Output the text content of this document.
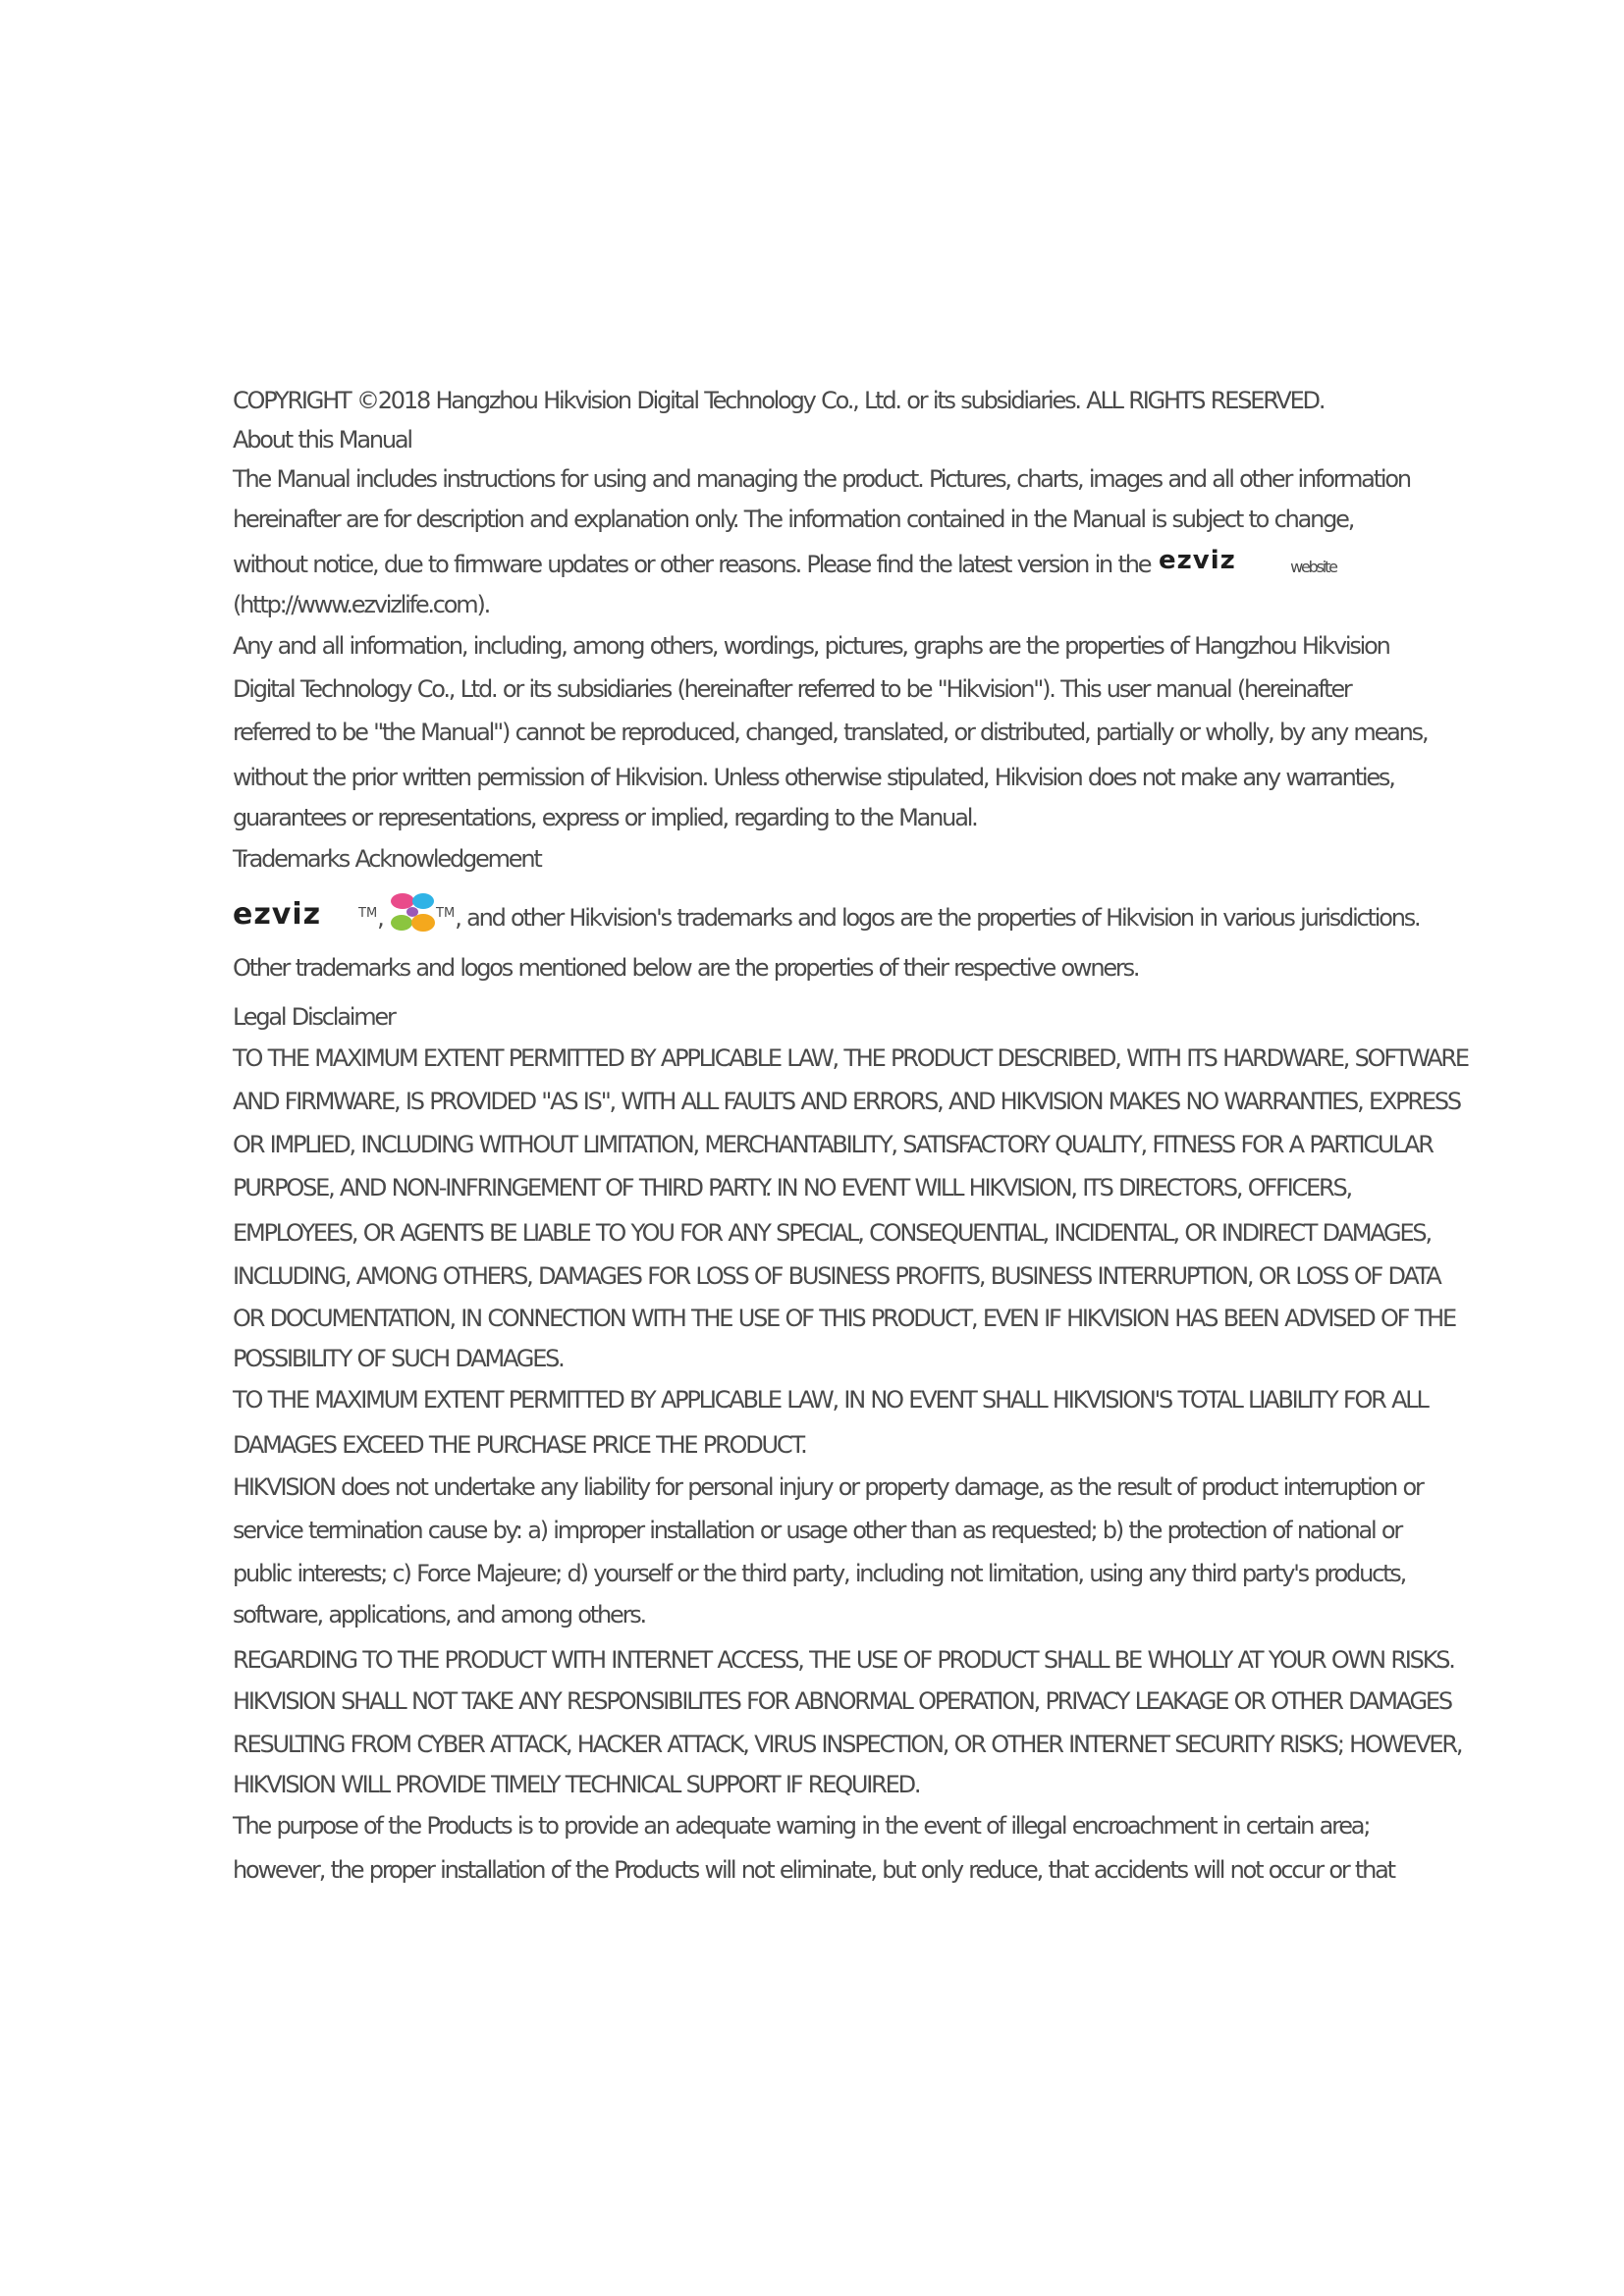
COPYRIGHT ©2018 Hangzhou Hikvision Digital Technology Co., Ltd. or its subsidiaries. ALL RIGHTS RESERVED.
About this Manual
The Manual includes instructions for using and managing the product. Pictures, charts, images and all other information
hereinafter are for description and explanation only. The information contained in the Manual is subject to change,
without notice, due to firmware updates or other reasons. Please find the latest version in the ezviz	website
(http://www.ezvizlife.com).
Any and all information, including, among others, wordings, pictures, graphs are the properties of Hangzhou Hikvision
Digital Technology Co., Ltd. or its subsidiaries (hereinafter referred to be "Hikvision"). This user manual (hereinafter
referred to be "the Manual") cannot be reproduced, changed, translated, or distributed, partially or wholly, by any means,
without the prior written permission of Hikvision. Unless otherwise stipulated, Hikvision does not make any warranties,
guarantees or representations, express or implied, regarding to the Manual.
Trademarks Acknowledgement
ezviz	™,	™, and other Hikvision's trademarks and logos are the properties of Hikvision in various jurisdictions.
Other trademarks and logos mentioned below are the properties of their respective owners.
Legal Disclaimer
TO THE MAXIMUM EXTENT PERMITTED BY APPLICABLE LAW, THE PRODUCT DESCRIBED, WITH ITS HARDWARE, SOFTWARE
AND FIRMWARE, IS PROVIDED "AS IS", WITH ALL FAULTS AND ERRORS, AND HIKVISION MAKES NO WARRANTIES, EXPRESS
OR IMPLIED, INCLUDING WITHOUT LIMITATION, MERCHANTABILITY, SATISFACTORY QUALITY, FITNESS FOR A PARTICULAR
PURPOSE, AND NON-INFRINGEMENT OF THIRD PARTY. IN NO EVENT WILL HIKVISION, ITS DIRECTORS, OFFICERS,
EMPLOYEES, OR AGENTS BE LIABLE TO YOU FOR ANY SPECIAL, CONSEQUENTIAL, INCIDENTAL, OR INDIRECT DAMAGES,
INCLUDING, AMONG OTHERS, DAMAGES FOR LOSS OF BUSINESS PROFITS, BUSINESS INTERRUPTION, OR LOSS OF DATA
OR DOCUMENTATION, IN CONNECTION WITH THE USE OF THIS PRODUCT, EVEN IF HIKVISION HAS BEEN ADVISED OF THE
POSSIBILITY OF SUCH DAMAGES.
TO THE MAXIMUM EXTENT PERMITTED BY APPLICABLE LAW, IN NO EVENT SHALL HIKVISION'S TOTAL LIABILITY FOR ALL
DAMAGES EXCEED THE PURCHASE PRICE THE PRODUCT.
HIKVISION does not undertake any liability for personal injury or property damage, as the result of product interruption or
service termination cause by: a) improper installation or usage other than as requested; b) the protection of national or
public interests; c) Force Majeure; d) yourself or the third party, including not limitation, using any third party's products,
software, applications, and among others.
REGARDING TO THE PRODUCT WITH INTERNET ACCESS, THE USE OF PRODUCT SHALL BE WHOLLY AT YOUR OWN RISKS.
HIKVISION SHALL NOT TAKE ANY RESPONSIBILITES FOR ABNORMAL OPERATION, PRIVACY LEAKAGE OR OTHER DAMAGES
RESULTING FROM CYBER ATTACK, HACKER ATTACK, VIRUS INSPECTION, OR OTHER INTERNET SECURITY RISKS; HOWEVER,
HIKVISION WILL PROVIDE TIMELY TECHNICAL SUPPORT IF REQUIRED.
The purpose of the Products is to provide an adequate warning in the event of illegal encroachment in certain area;
however, the proper installation of the Products will not eliminate, but only reduce, that accidents will not occur or that
